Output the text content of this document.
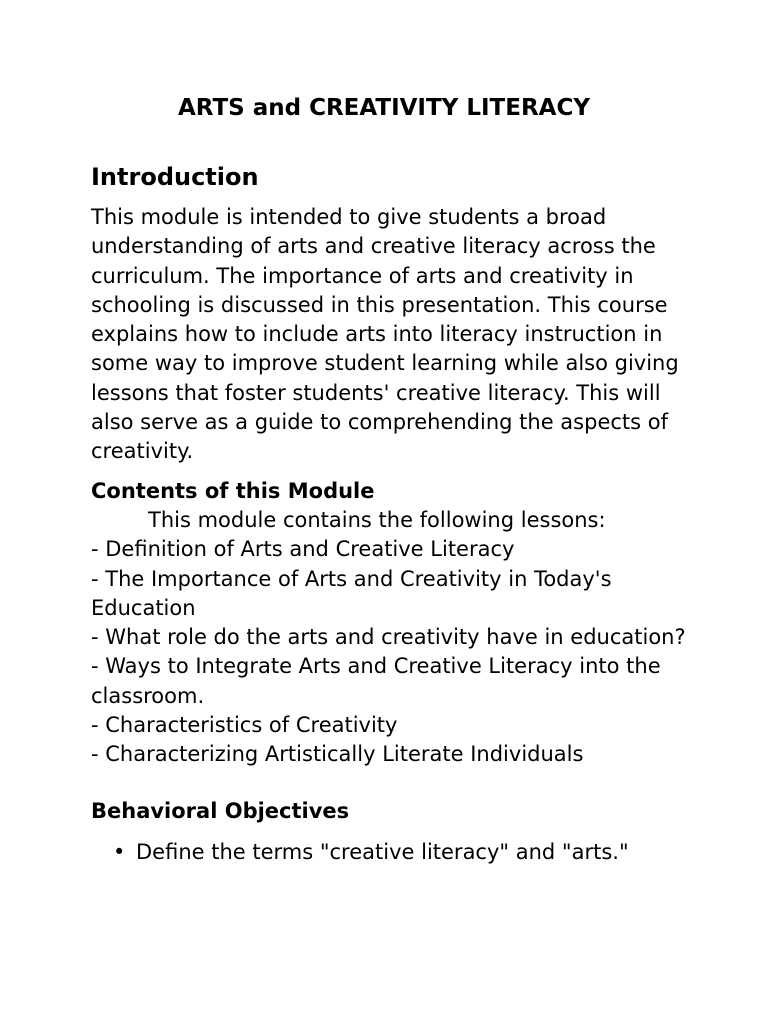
ARTS and CREATIVITY LITERACY
Introduction

This module is intended to give students a broad understanding of arts and creative literacy across the curriculum. The importance of arts and creativity in schooling is discussed in this presentation. This course explains how to include arts into literacy instruction in some way to improve student learning while also giving lessons that foster students' creative literacy. This will also serve as a guide to comprehending the aspects of creativity.

Contents of this Module

This module contains the following lessons:

- Definition of Arts and Creative Literacy

- The Importance of Arts and Creativity in Today's Education

- What role do the arts and creativity have in education?

- Ways to Integrate Arts and Creative Literacy into the classroom.

- Characteristics of Creativity

- Characterizing Artistically Literate Individuals

Behavioral Objectives
• Define the terms "creative literacy" and "arts."
